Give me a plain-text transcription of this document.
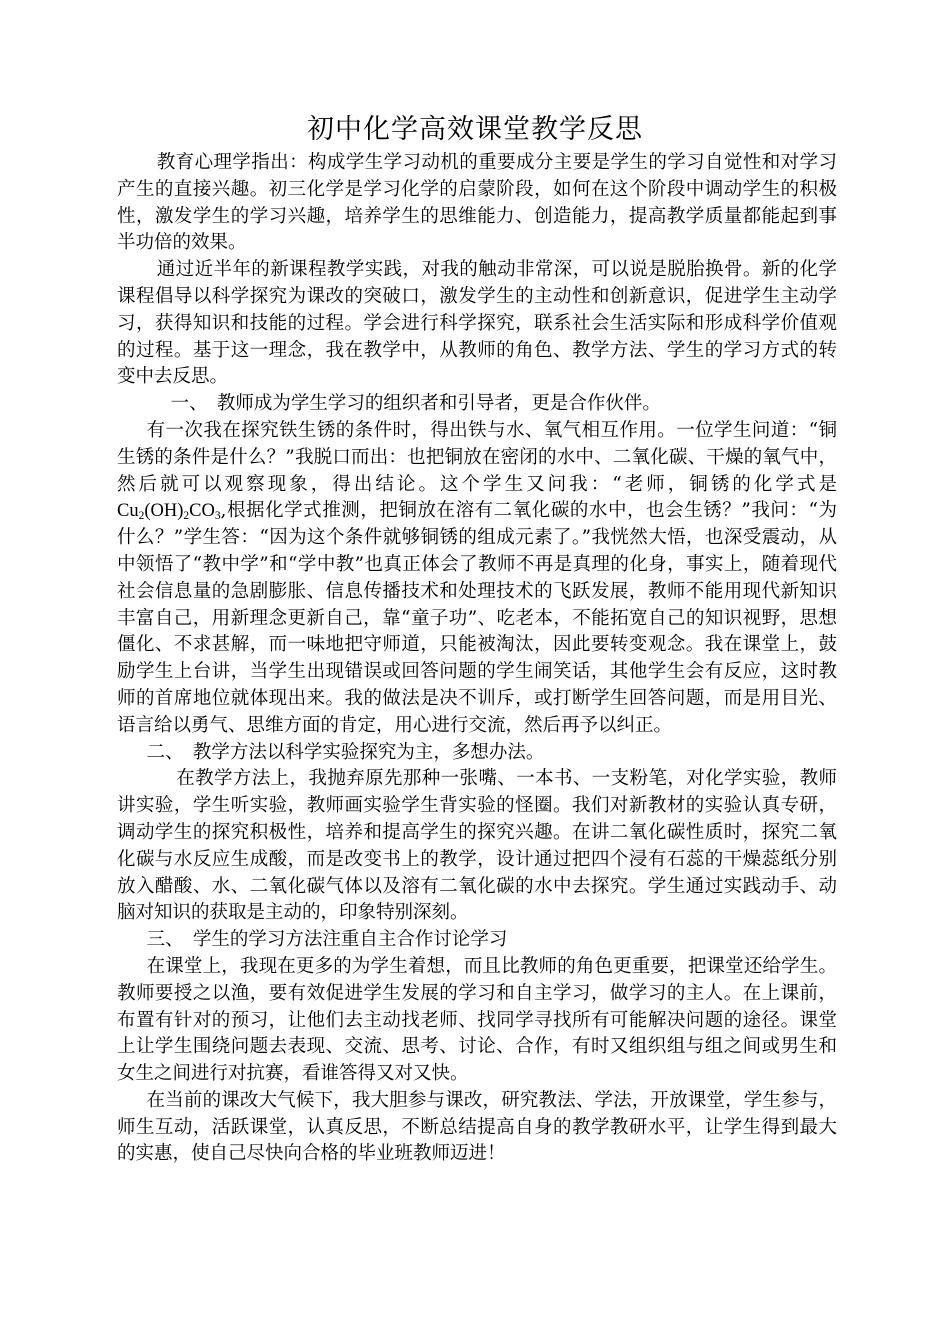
初中化学高效课堂教学反思

教育心理学指出：构成学生学习动机的重要成分主要是学生的学习自觉性和对学习产生的直接兴趣。初三化学是学习化学的启蒙阶段，如何在这个阶段中调动学生的积极性，激发学生的学习兴趣，培养学生的思维能力、创造能力，提高教学质量都能起到事半功倍的效果。

通过近半年的新课程教学实践，对我的触动非常深，可以说是脱胎换骨。新的化学课程倡导以科学探究为课改的突破口，激发学生的主动性和创新意识，促进学生主动学习，获得知识和技能的过程。学会进行科学探究，联系社会生活实际和形成科学价值观的过程。基于这一理念，我在教学中，从教师的角色、教学方法、学生的学习方式的转变中去反思。

一、　教师成为学生学习的组织者和引导者，更是合作伙伴。

有一次我在探究铁生锈的条件时，得出铁与水、氧气相互作用。一位学生问道：“铜生锈的条件是什么？”我脱口而出：也把铜放在密闭的水中、二氧化碳、干燥的氧气中，然后就可以观察现象，得出结论。这个学生又问我：“老师，铜锈的化学式是$Cu_2(OH)_2CO_3$,根据化学式推测，把铜放在溶有二氧化碳的水中，也会生锈？”我问：“为什么？”学生答：“因为这个条件就够铜锈的组成元素了。”我恍然大悟，也深受震动，从中领悟了“教中学”和“学中教”也真正体会了教师不再是真理的化身，事实上，随着现代社会信息量的急剧膨胀、信息传播技术和处理技术的飞跃发展，教师不能用现代新知识丰富自己，用新理念更新自己，靠“童子功”、吃老本，不能拓宽自己的知识视野，思想僵化、不求甚解，而一味地把守师道，只能被淘汰，因此要转变观念。我在课堂上，鼓励学生上台讲，当学生出现错误或回答问题的学生闹笑话，其他学生会有反应，这时教师的首席地位就体现出来。我的做法是决不训斥，或打断学生回答问题，而是用目光、语言给以勇气、思维方面的肯定，用心进行交流，然后再予以纠正。

二、　教学方法以科学实验探究为主，多想办法。

在教学方法上，我抛弃原先那种一张嘴、一本书、一支粉笔，对化学实验，教师讲实验，学生听实验，教师画实验学生背实验的怪圈。我们对新教材的实验认真专研，调动学生的探究积极性，培养和提高学生的探究兴趣。在讲二氧化碳性质时，探究二氧化碳与水反应生成酸，而是改变书上的教学，设计通过把四个浸有石蕊的干燥蕊纸分别放入醋酸、水、二氧化碳气体以及溶有二氧化碳的水中去探究。学生通过实践动手、动脑对知识的获取是主动的，印象特别深刻。

三、　学生的学习方法注重自主合作讨论学习

在课堂上，我现在更多的为学生着想，而且比教师的角色更重要，把课堂还给学生。教师要授之以渔，要有效促进学生发展的学习和自主学习，做学习的主人。在上课前，布置有针对的预习，让他们去主动找老师、找同学寻找所有可能解决问题的途径。课堂上让学生围绕问题去表现、交流、思考、讨论、合作，有时又组织组与组之间或男生和女生之间进行对抗赛，看谁答得又对又快。

在当前的课改大气候下，我大胆参与课改，研究教法、学法，开放课堂，学生参与，师生互动，活跃课堂，认真反思，不断总结提高自身的教学教研水平，让学生得到最大的实惠，使自己尽快向合格的毕业班教师迈进！
